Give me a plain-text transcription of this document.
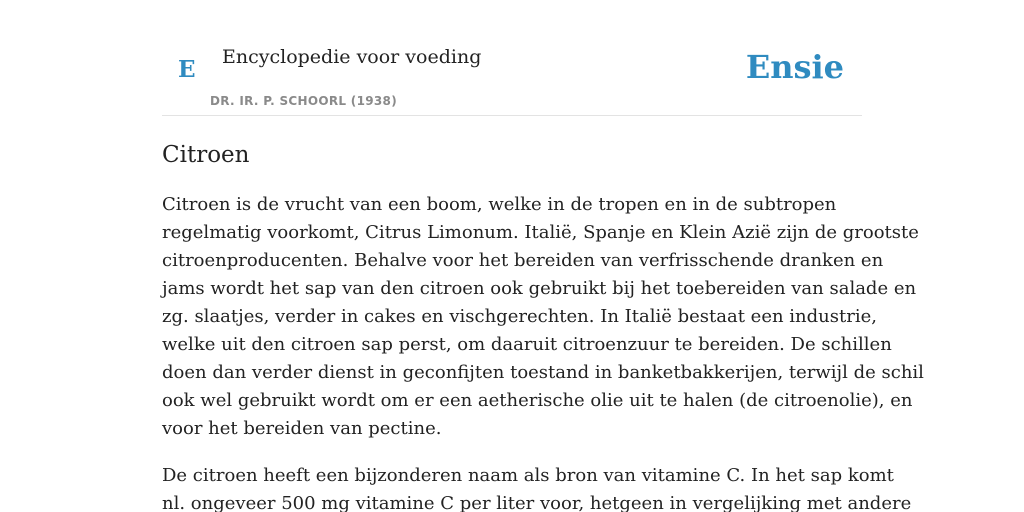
E Encyclopedie voor voeding
DR. IR. P. SCHOORL (1938)
Ensie
Citroen

Citroen is de vrucht van een boom, welke in de tropen en in de subtropen
regelmatig voorkomt, Citrus Limonum. Italië, Spanje en Klein Azië zijn de grootste
citroenproducenten. Behalve voor het bereiden van verfrisschende dranken en
jams wordt het sap van den citroen ook gebruikt bij het toebereiden van salade en
zg. slaatjes, verder in cakes en vischgerechten. In Italië bestaat een industrie,
welke uit den citroen sap perst, om daaruit citroenzuur te bereiden. De schillen
doen dan verder dienst in geconfijten toestand in banketbakkerijen, terwijl de schil
ook wel gebruikt wordt om er een aetherische olie uit te halen (de citroenolie), en
voor het bereiden van pectine.

De citroen heeft een bijzonderen naam als bron van vitamine C. In het sap komt
nl. ongeveer 500 mg vitamine C per liter voor, hetgeen in vergelijking met andere
